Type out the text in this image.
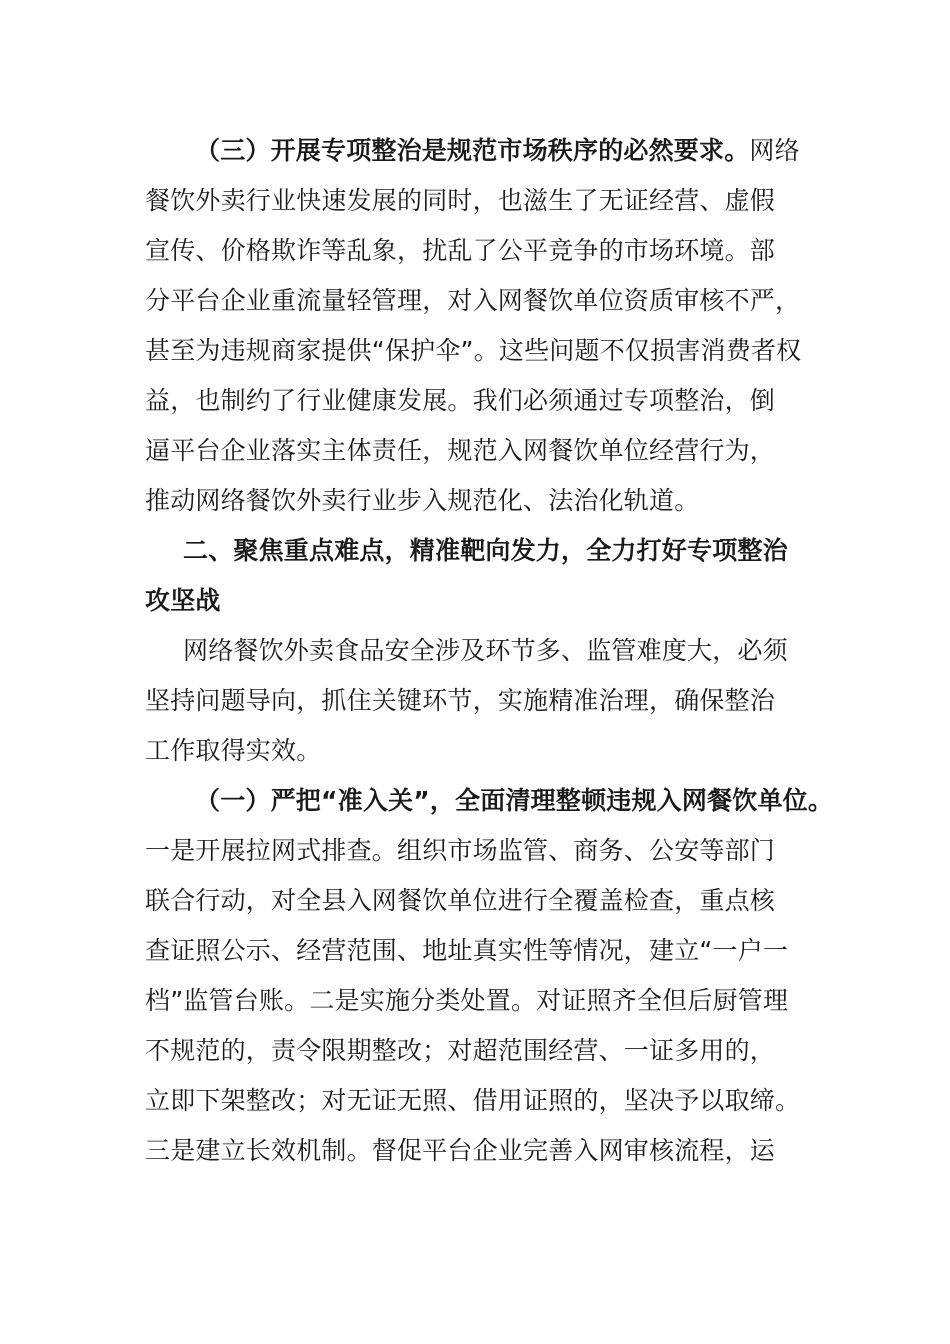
（三）开展专项整治是规范市场秩序的必然要求。网络
餐饮外卖行业快速发展的同时，也滋生了无证经营、虚假
宣传、价格欺诈等乱象，扰乱了公平竞争的市场环境。部
分平台企业重流量轻管理，对入网餐饮单位资质审核不严，
甚至为违规商家提供“保护伞”。这些问题不仅损害消费者权
益，也制约了行业健康发展。我们必须通过专项整治，倒
逼平台企业落实主体责任，规范入网餐饮单位经营行为，
推动网络餐饮外卖行业步入规范化、法治化轨道。
二、聚焦重点难点，精准靶向发力，全力打好专项整治
攻坚战
网络餐饮外卖食品安全涉及环节多、监管难度大，必须
坚持问题导向，抓住关键环节，实施精准治理，确保整治
工作取得实效。
（一）严把“准入关”，全面清理整顿违规入网餐饮单位。
一是开展拉网式排查。组织市场监管、商务、公安等部门
联合行动，对全县入网餐饮单位进行全覆盖检查，重点核
查证照公示、经营范围、地址真实性等情况，建立“一户一
档”监管台账。二是实施分类处置。对证照齐全但后厨管理
不规范的，责令限期整改；对超范围经营、一证多用的，
立即下架整改；对无证无照、借用证照的，坚决予以取缔。
三是建立长效机制。督促平台企业完善入网审核流程，运
